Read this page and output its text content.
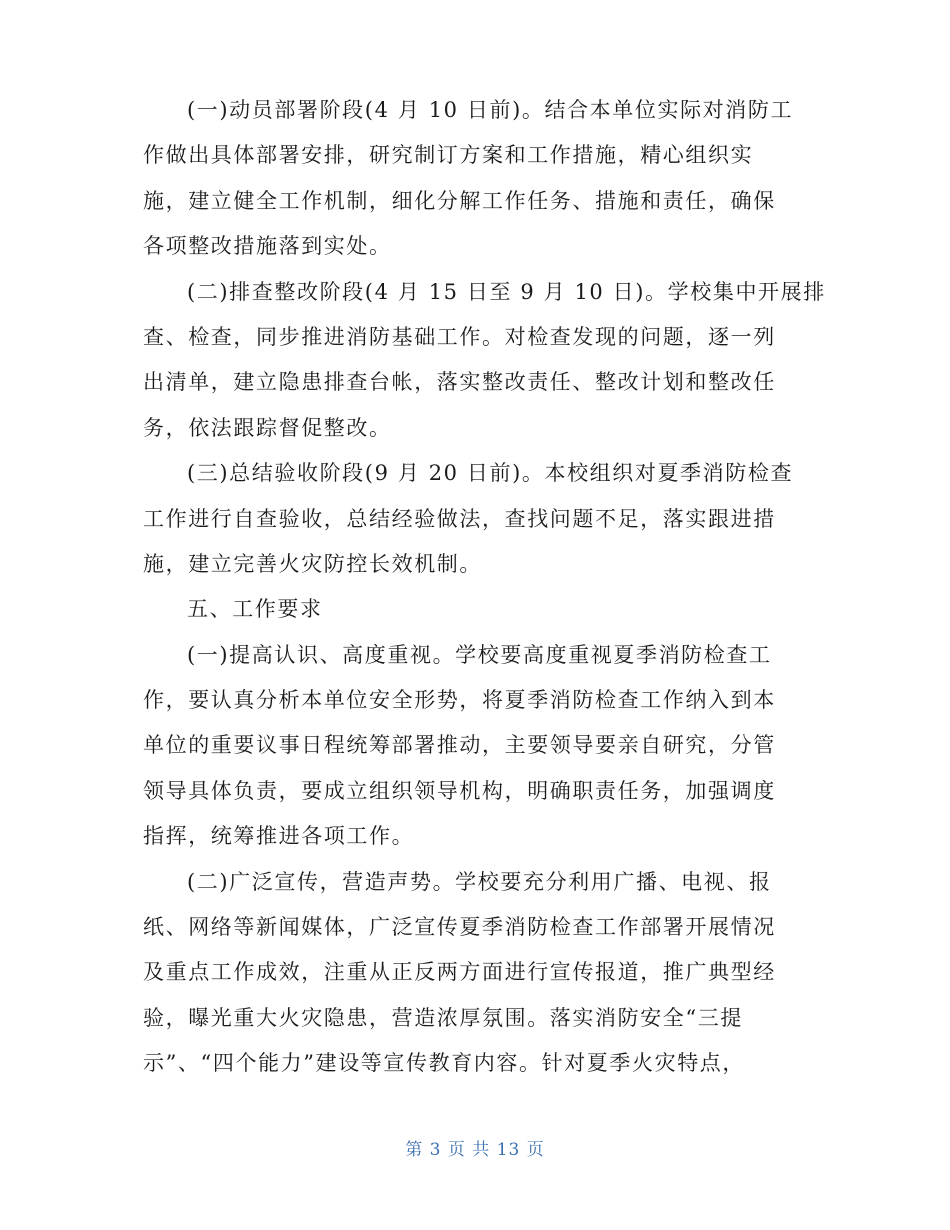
(一)动员部署阶段(4 月 10 日前)。结合本单位实际对消防工
作做出具体部署安排，研究制订方案和工作措施，精心组织实
施，建立健全工作机制，细化分解工作任务、措施和责任，确保
各项整改措施落到实处。
(二)排查整改阶段(4 月 15 日至 9 月 10 日)。学校集中开展排
查、检查，同步推进消防基础工作。对检查发现的问题，逐一列
出清单，建立隐患排查台帐，落实整改责任、整改计划和整改任
务，依法跟踪督促整改。
(三)总结验收阶段(9 月 20 日前)。本校组织对夏季消防检查
工作进行自查验收，总结经验做法，查找问题不足，落实跟进措
施，建立完善火灾防控长效机制。
五、工作要求
(一)提高认识、高度重视。学校要高度重视夏季消防检查工
作，要认真分析本单位安全形势，将夏季消防检查工作纳入到本
单位的重要议事日程统筹部署推动，主要领导要亲自研究，分管
领导具体负责，要成立组织领导机构，明确职责任务，加强调度
指挥，统筹推进各项工作。
(二)广泛宣传，营造声势。学校要充分利用广播、电视、报
纸、网络等新闻媒体，广泛宣传夏季消防检查工作部署开展情况
及重点工作成效，注重从正反两方面进行宣传报道，推广典型经
验，曝光重大火灾隐患，营造浓厚氛围。落实消防安全“三提
示”、“四个能力”建设等宣传教育内容。针对夏季火灾特点，
第 3 页 共 13 页
